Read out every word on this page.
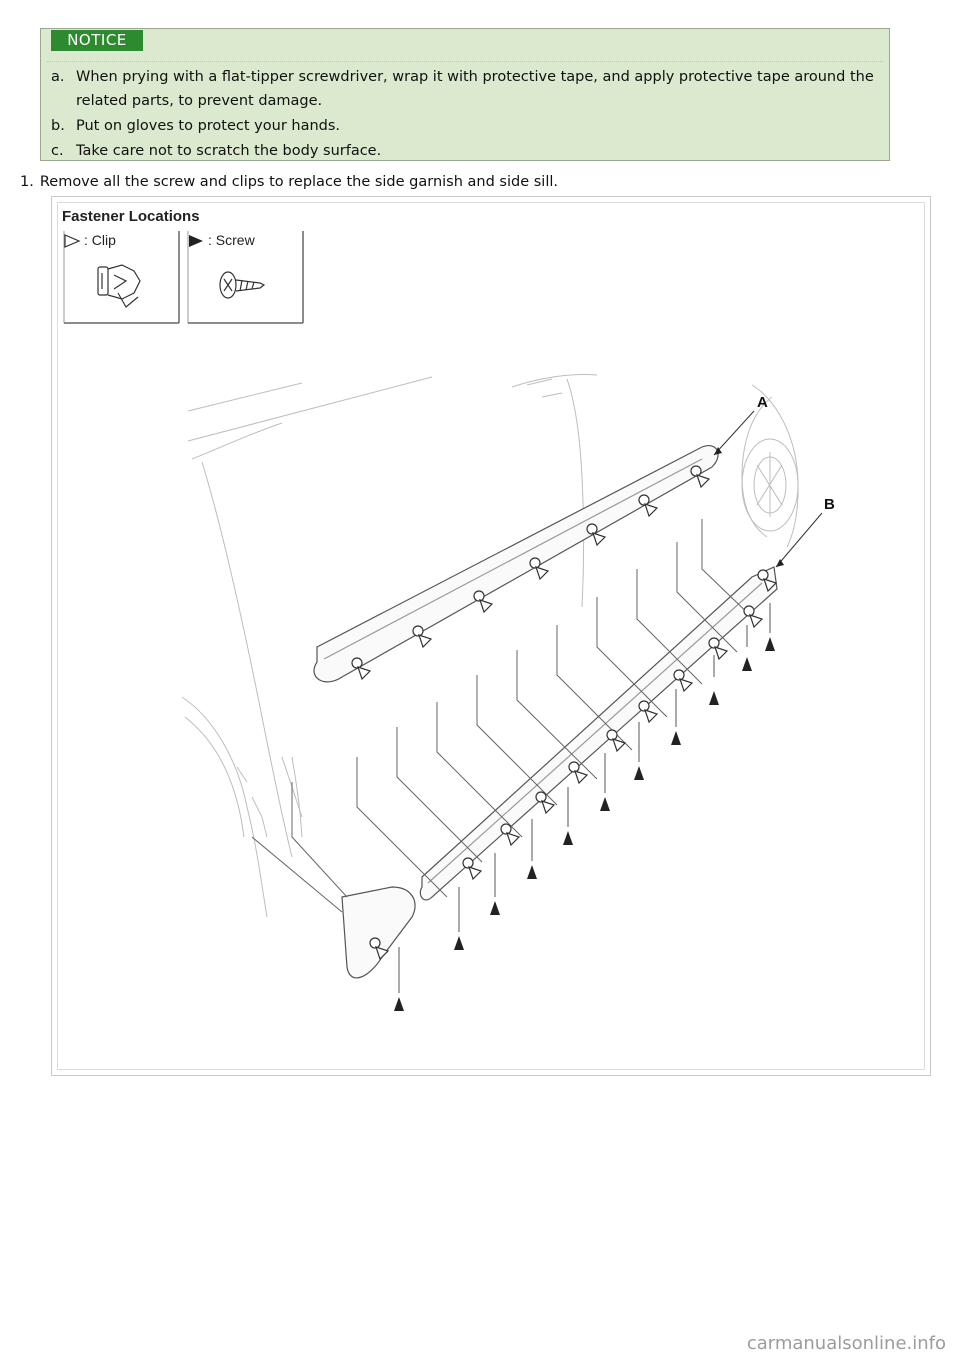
NOTICE
a. When prying with a flat-tipper screwdriver, wrap it with protective tape, and apply protective tape around the related parts, to prevent damage.
b. Put on gloves to protect your hands.
c. Take care not to scratch the body surface.
1. Remove all the screw and clips to replace the side garnish and side sill.
Fastener Locations
: Clip	: Screw
A
B
carmanualsonline.info
